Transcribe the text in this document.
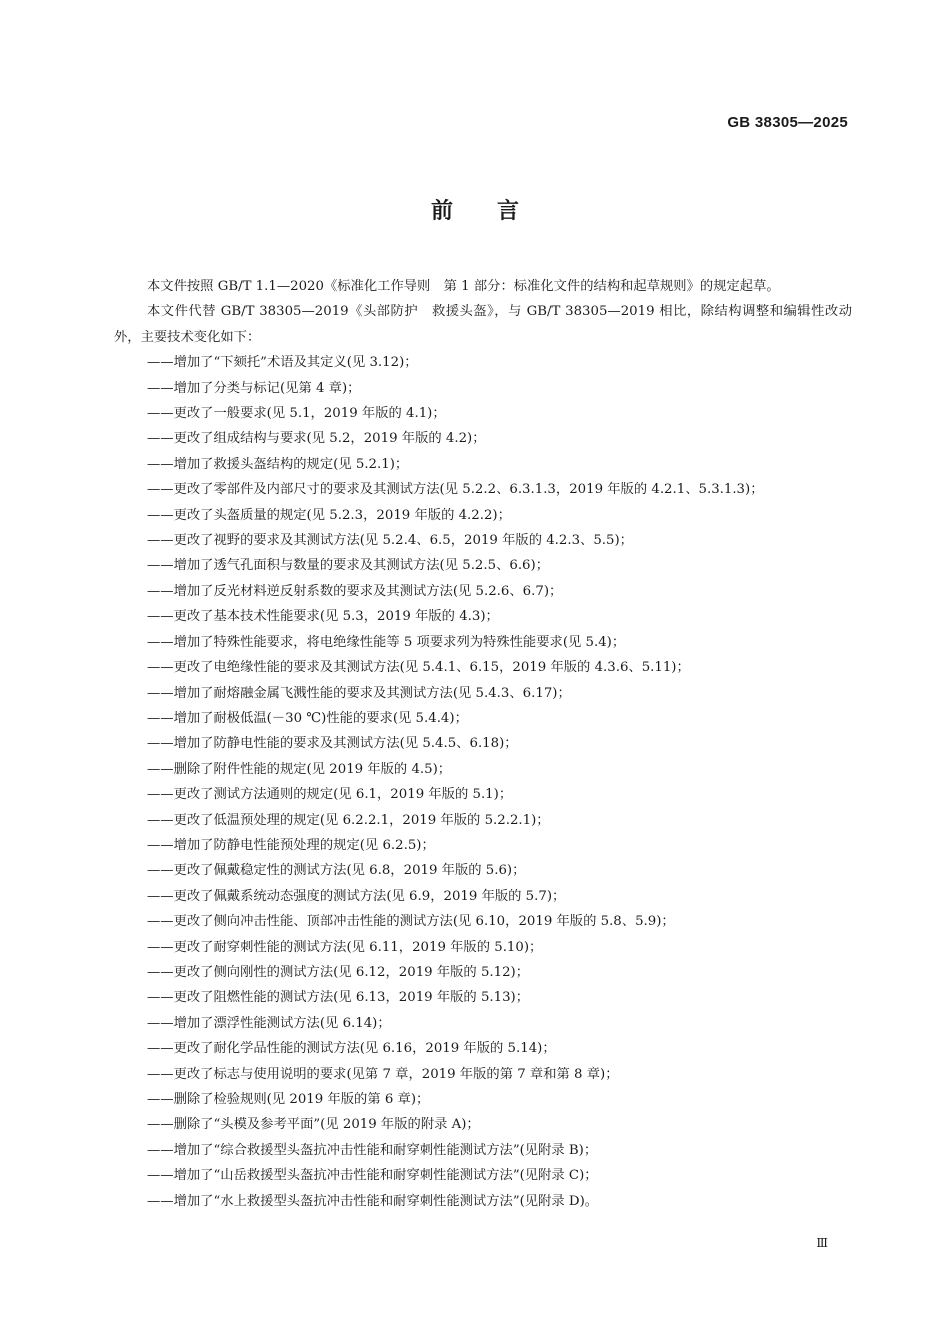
GB 38305—2025
前言

本文件按照 GB/T 1.1—2020《标准化工作导则　第 1 部分：标准化文件的结构和起草规则》的规定起草。

本文件代替 GB/T 38305—2019《头部防护　救援头盔》，与 GB/T 38305—2019 相比，除结构调整和编辑性改动外，主要技术变化如下：

——增加了“下颏托”术语及其定义(见 3.12)；
——增加了分类与标记(见第 4 章)；
——更改了一般要求(见 5.1，2019 年版的 4.1)；
——更改了组成结构与要求(见 5.2，2019 年版的 4.2)；
——增加了救援头盔结构的规定(见 5.2.1)；
——更改了零部件及内部尺寸的要求及其测试方法(见 5.2.2、6.3.1.3，2019 年版的 4.2.1、5.3.1.3)；
——更改了头盔质量的规定(见 5.2.3，2019 年版的 4.2.2)；
——更改了视野的要求及其测试方法(见 5.2.4、6.5，2019 年版的 4.2.3、5.5)；
——增加了透气孔面积与数量的要求及其测试方法(见 5.2.5、6.6)；
——增加了反光材料逆反射系数的要求及其测试方法(见 5.2.6、6.7)；
——更改了基本技术性能要求(见 5.3，2019 年版的 4.3)；
——增加了特殊性能要求，将电绝缘性能等 5 项要求列为特殊性能要求(见 5.4)；
——更改了电绝缘性能的要求及其测试方法(见 5.4.1、6.15，2019 年版的 4.3.6、5.11)；
——增加了耐熔融金属飞溅性能的要求及其测试方法(见 5.4.3、6.17)；
——增加了耐极低温(－30 ℃)性能的要求(见 5.4.4)；
——增加了防静电性能的要求及其测试方法(见 5.4.5、6.18)；
——删除了附件性能的规定(见 2019 年版的 4.5)；
——更改了测试方法通则的规定(见 6.1，2019 年版的 5.1)；
——更改了低温预处理的规定(见 6.2.2.1，2019 年版的 5.2.2.1)；
——增加了防静电性能预处理的规定(见 6.2.5)；
——更改了佩戴稳定性的测试方法(见 6.8，2019 年版的 5.6)；
——更改了佩戴系统动态强度的测试方法(见 6.9，2019 年版的 5.7)；
——更改了侧向冲击性能、顶部冲击性能的测试方法(见 6.10，2019 年版的 5.8、5.9)；
——更改了耐穿刺性能的测试方法(见 6.11，2019 年版的 5.10)；
——更改了侧向刚性的测试方法(见 6.12，2019 年版的 5.12)；
——更改了阻燃性能的测试方法(见 6.13，2019 年版的 5.13)；
——增加了漂浮性能测试方法(见 6.14)；
——更改了耐化学品性能的测试方法(见 6.16，2019 年版的 5.14)；
——更改了标志与使用说明的要求(见第 7 章，2019 年版的第 7 章和第 8 章)；
——删除了检验规则(见 2019 年版的第 6 章)；
——删除了“头模及参考平面”(见 2019 年版的附录 A)；
——增加了“综合救援型头盔抗冲击性能和耐穿刺性能测试方法”(见附录 B)；
——增加了“山岳救援型头盔抗冲击性能和耐穿刺性能测试方法”(见附录 C)；
——增加了“水上救援型头盔抗冲击性能和耐穿刺性能测试方法”(见附录 D)。
Ⅲ
